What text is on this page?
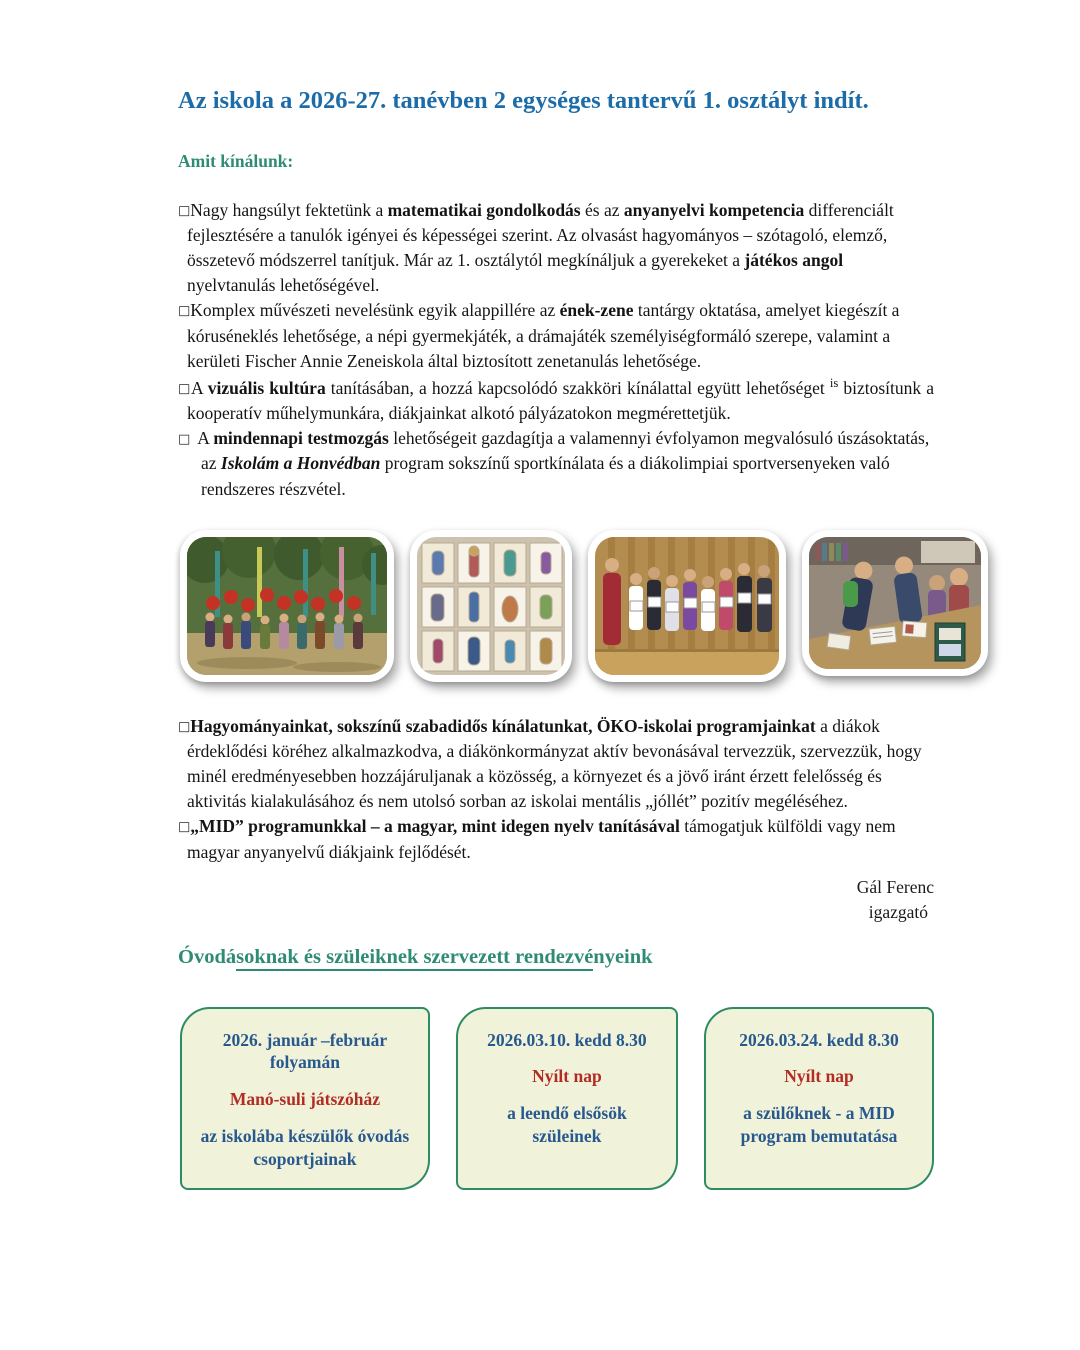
Az iskola a 2026-27. tanévben 2 egységes tantervű 1. osztályt indít.
Amit kínálunk:

□Nagy hangsúlyt fektetünk a matematikai gondolkodás és az anyanyelvi kompetencia differenciált fejlesztésére a tanulók igényei és képességei szerint. Az olvasást hagyományos – szótagoló, elemző, összetevő módszerrel tanítjuk. Már az 1. osztálytól megkínáljuk a gyerekeket a játékos angol nyelvtanulás lehetőségével.

□Komplex művészeti nevelésünk egyik alappillére az ének-zene tantárgy oktatása, amelyet kiegészít a kóruséneklés lehetősége, a népi gyermekjáték, a drámajáték személyiségformáló szerepe, valamint a kerületi Fischer Annie Zeneiskola által biztosított zenetanulás lehetősége.

□A vizuális kultúra tanításában, a hozzá kapcsolódó szakköri kínálattal együtt lehetőséget $^{is}$ biztosítunk a kooperatív műhelymunkára, diákjainkat alkotó pályázatokon megmérettetjük.

□ A mindennapi testmozgás lehetőségeit gazdagítja a valamennyi évfolyamon megvalósuló úszásoktatás, az Iskolám a Honvédban program sokszínű sportkínálata és a diákolimpiai sportversenyeken való rendszeres részvétel.

□Hagyományainkat, sokszínű szabadidős kínálatunkat, ÖKO-iskolai programjainkat a diákok érdeklődési köréhez alkalmazkodva, a diákönkormányzat aktív bevonásával tervezzük, szervezzük, hogy minél eredményesebben hozzájáruljanak a közösség, a környezet és a jövő iránt érzett felelősség és aktivitás kialakulásához és nem utolsó sorban az iskolai mentális „jóllét” pozitív megéléséhez.

□„MID” programunkkal – a magyar, mint idegen nyelv tanításával támogatjuk külföldi vagy nem magyar anyanyelvű diákjaink fejlődését.

Gál Ferenc
igazgató
Óvodásoknak és szüleiknek szervezett rendezvényeink
2026. január –február folyamán
Manó-suli játszóház
az iskolába készülők óvodás csoportjainak
2026.03.10. kedd 8.30
Nyílt nap
a leendő elsősök szüleinek
2026.03.24. kedd 8.30
Nyílt nap
a szülőknek - a MID program bemutatása
